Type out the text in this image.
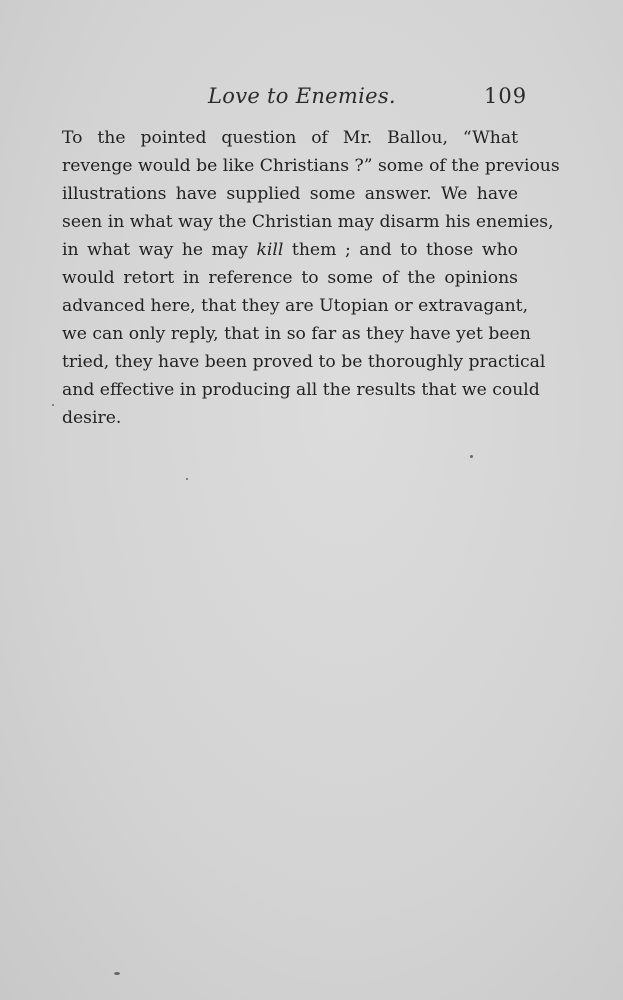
Love to Enemies.	109
To the pointed question of Mr. Ballou, “What
revenge would be like Christians ?” some of the previous
illustrations have supplied some answer. We have
seen in what way the Christian may disarm his enemies,
in what way he may kill them ; and to those who
would retort in reference to some of the opinions
advanced here, that they are Utopian or extravagant,
we can only reply, that in so far as they have yet been
tried, they have been proved to be thoroughly practical
and effective in producing all the results that we could
desire.
